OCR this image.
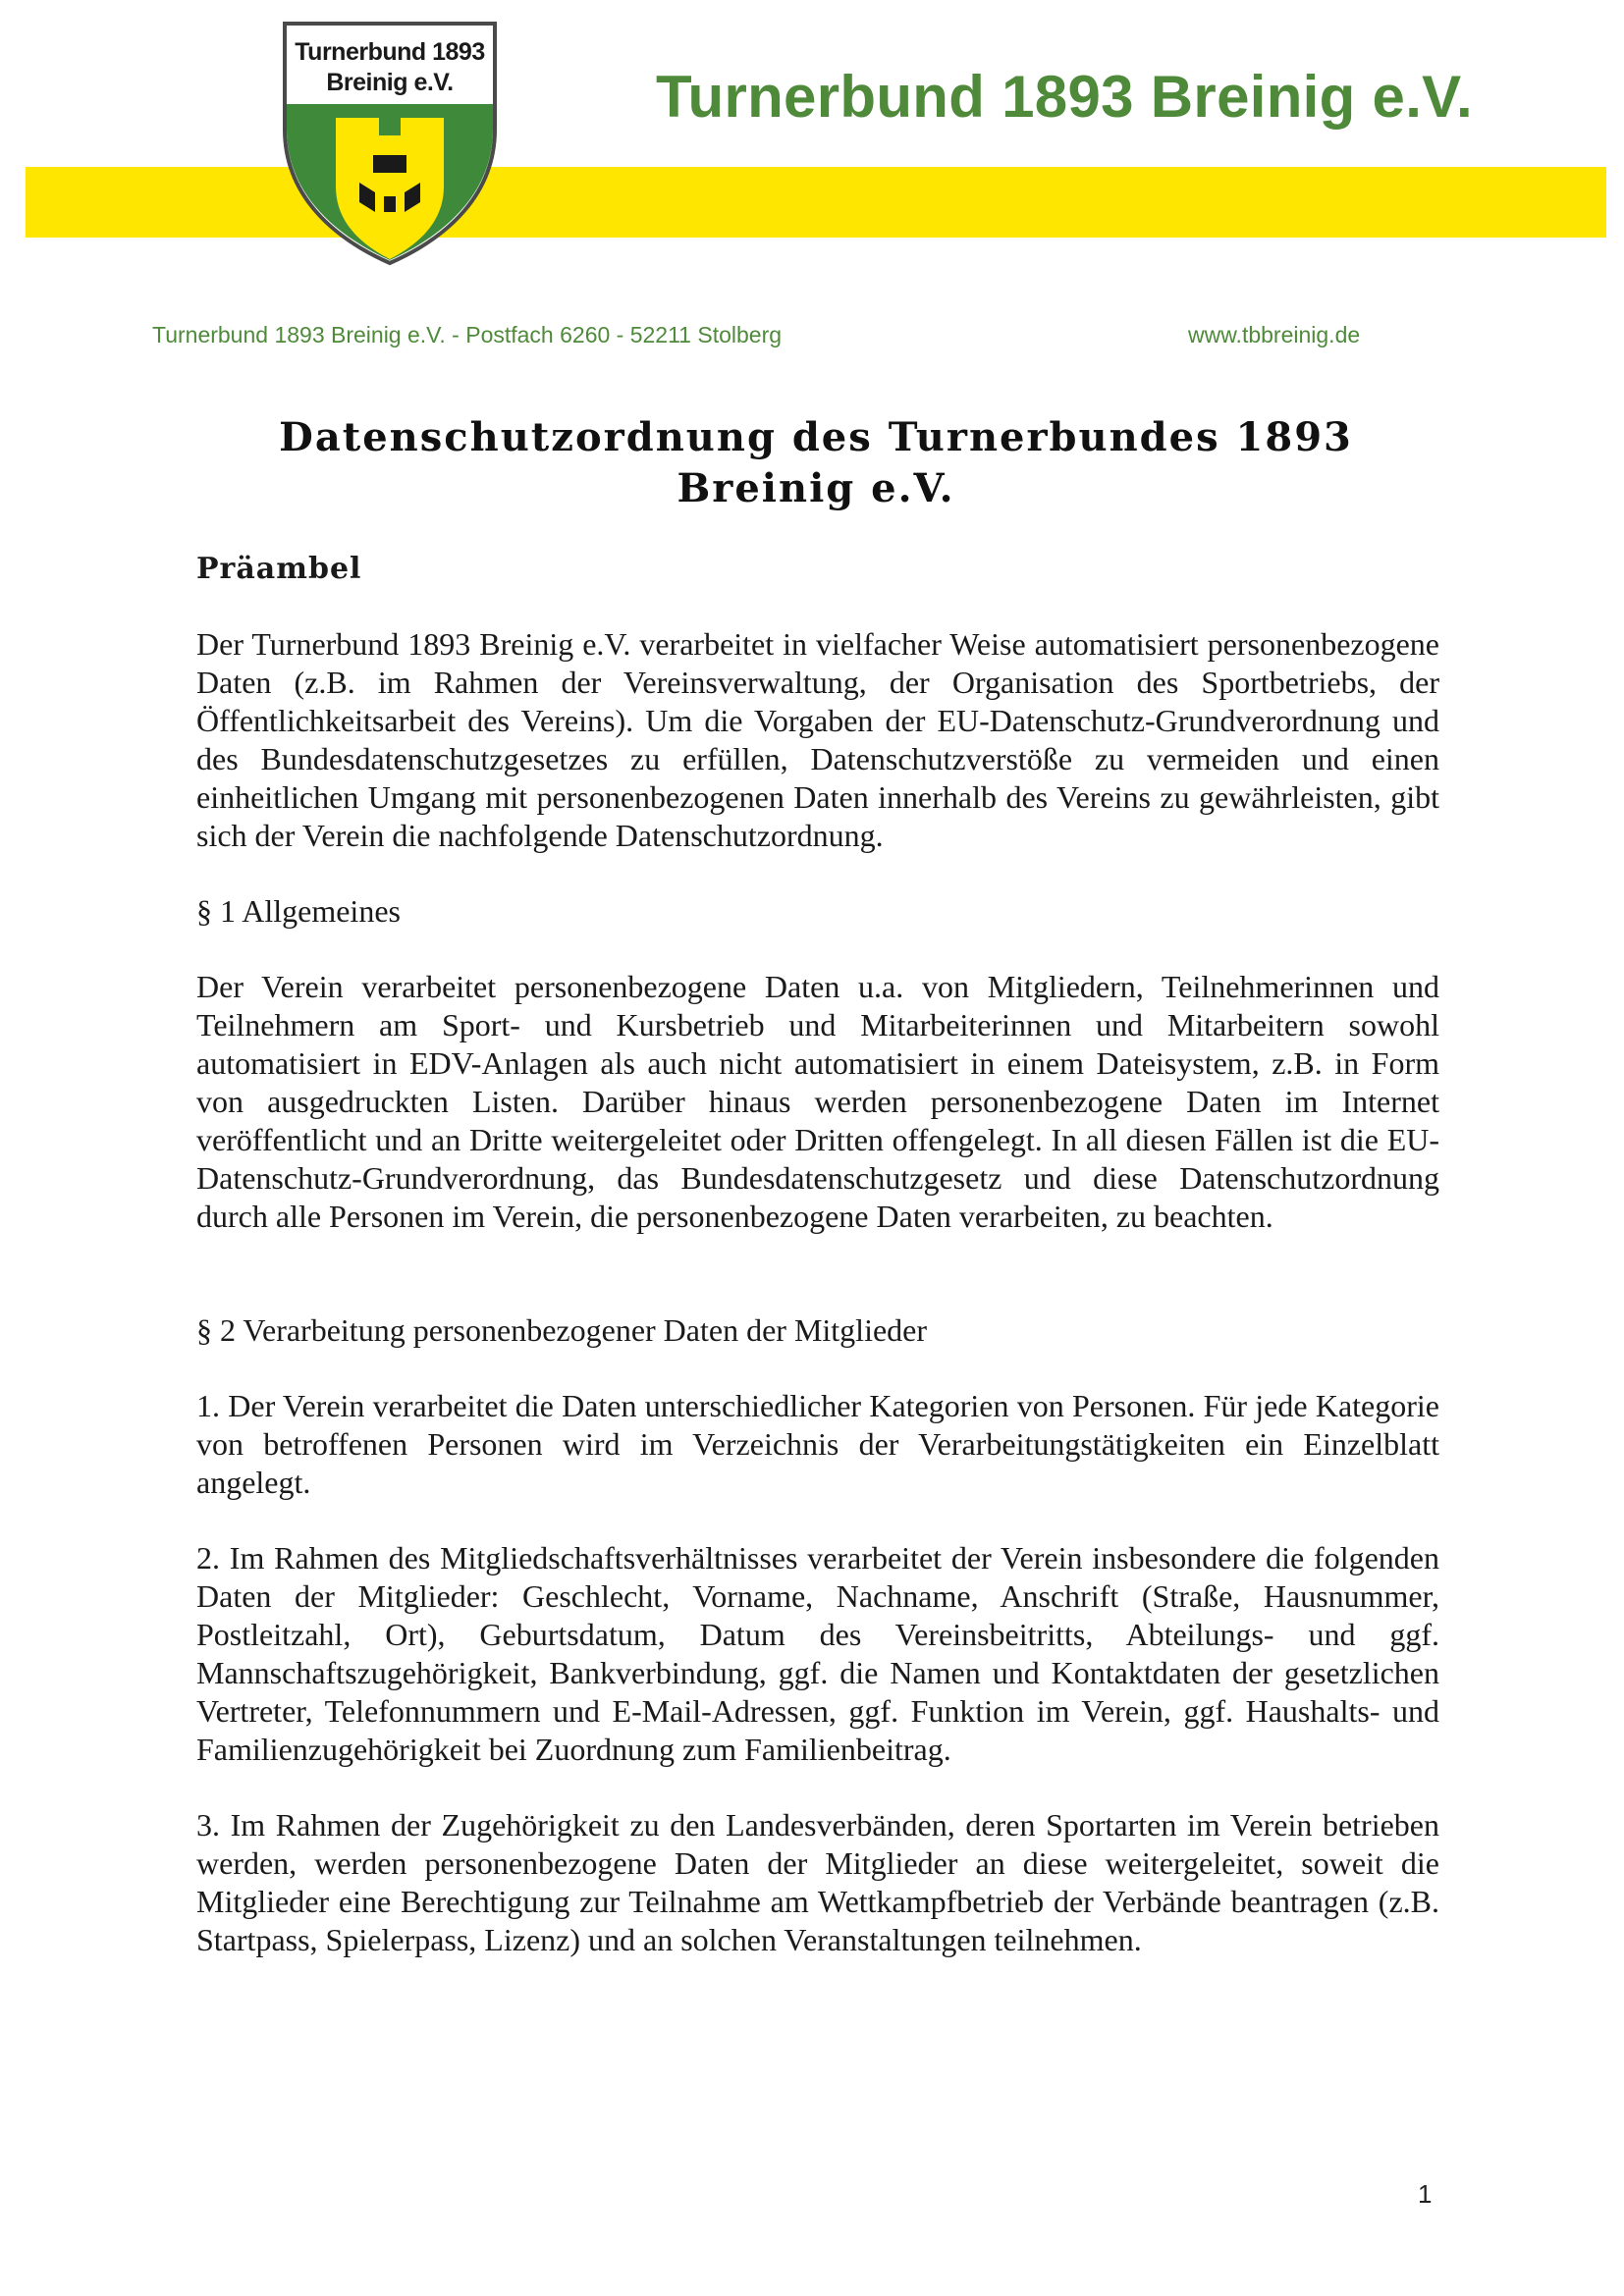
Turnerbund 1893
Breinig e.V.	Turnerbund 1893 Breinig e.V.
Turnerbund 1893 Breinig e.V. - Postfach 6260 - 52211 Stolberg	www.tbbreinig.de
Datenschutzordnung des Turnerbundes 1893
Breinig e.V.
Präambel

Der Turnerbund 1893 Breinig e.V. verarbeitet in vielfacher Weise automatisiert personenbezogene Daten (z.B. im Rahmen der Vereinsverwaltung, der Organisation des Sportbetriebs, der Öffentlichkeitsarbeit des Vereins). Um die Vorgaben der EU-Datenschutz-Grundverordnung und des Bundesdatenschutzgesetzes zu erfüllen, Datenschutzverstöße zu vermeiden und einen einheitlichen Umgang mit personenbezogenen Daten innerhalb des Vereins zu gewährleisten, gibt sich der Verein die nachfolgende Datenschutzordnung.

§ 1 Allgemeines

Der Verein verarbeitet personenbezogene Daten u.a. von Mitgliedern, Teilnehmerinnen und Teilnehmern am Sport- und Kursbetrieb und Mitarbeiterinnen und Mitarbeitern sowohl automatisiert in EDV-Anlagen als auch nicht automatisiert in einem Dateisystem, z.B. in Form von ausgedruckten Listen. Darüber hinaus werden personenbezogene Daten im Internet veröffentlicht und an Dritte weitergeleitet oder Dritten offengelegt. In all diesen Fällen ist die EU-Datenschutz-Grundverordnung, das Bundesdatenschutzgesetz und diese Datenschutzordnung durch alle Personen im Verein, die personenbezogene Daten verarbeiten, zu beachten.

§ 2 Verarbeitung personenbezogener Daten der Mitglieder

1. Der Verein verarbeitet die Daten unterschiedlicher Kategorien von Personen. Für jede Kategorie von betroffenen Personen wird im Verzeichnis der Verarbeitungstätigkeiten ein Einzelblatt angelegt.

2. Im Rahmen des Mitgliedschaftsverhältnisses verarbeitet der Verein insbesondere die folgenden Daten der Mitglieder: Geschlecht, Vorname, Nachname, Anschrift (Straße, Hausnummer, Postleitzahl, Ort), Geburtsdatum, Datum des Vereinsbeitritts, Abteilungs- und ggf. Mannschaftszugehörigkeit, Bankverbindung, ggf. die Namen und Kontaktdaten der gesetzlichen Vertreter, Telefonnummern und E-Mail-Adressen, ggf. Funktion im Verein, ggf. Haushalts- und Familienzugehörigkeit bei Zuordnung zum Familienbeitrag.

3. Im Rahmen der Zugehörigkeit zu den Landesverbänden, deren Sportarten im Verein betrieben werden, werden personenbezogene Daten der Mitglieder an diese weitergeleitet, soweit die Mitglieder eine Berechtigung zur Teilnahme am Wettkampfbetrieb der Verbände beantragen (z.B. Startpass, Spielerpass, Lizenz) und an solchen Veranstaltungen teilnehmen.

1
